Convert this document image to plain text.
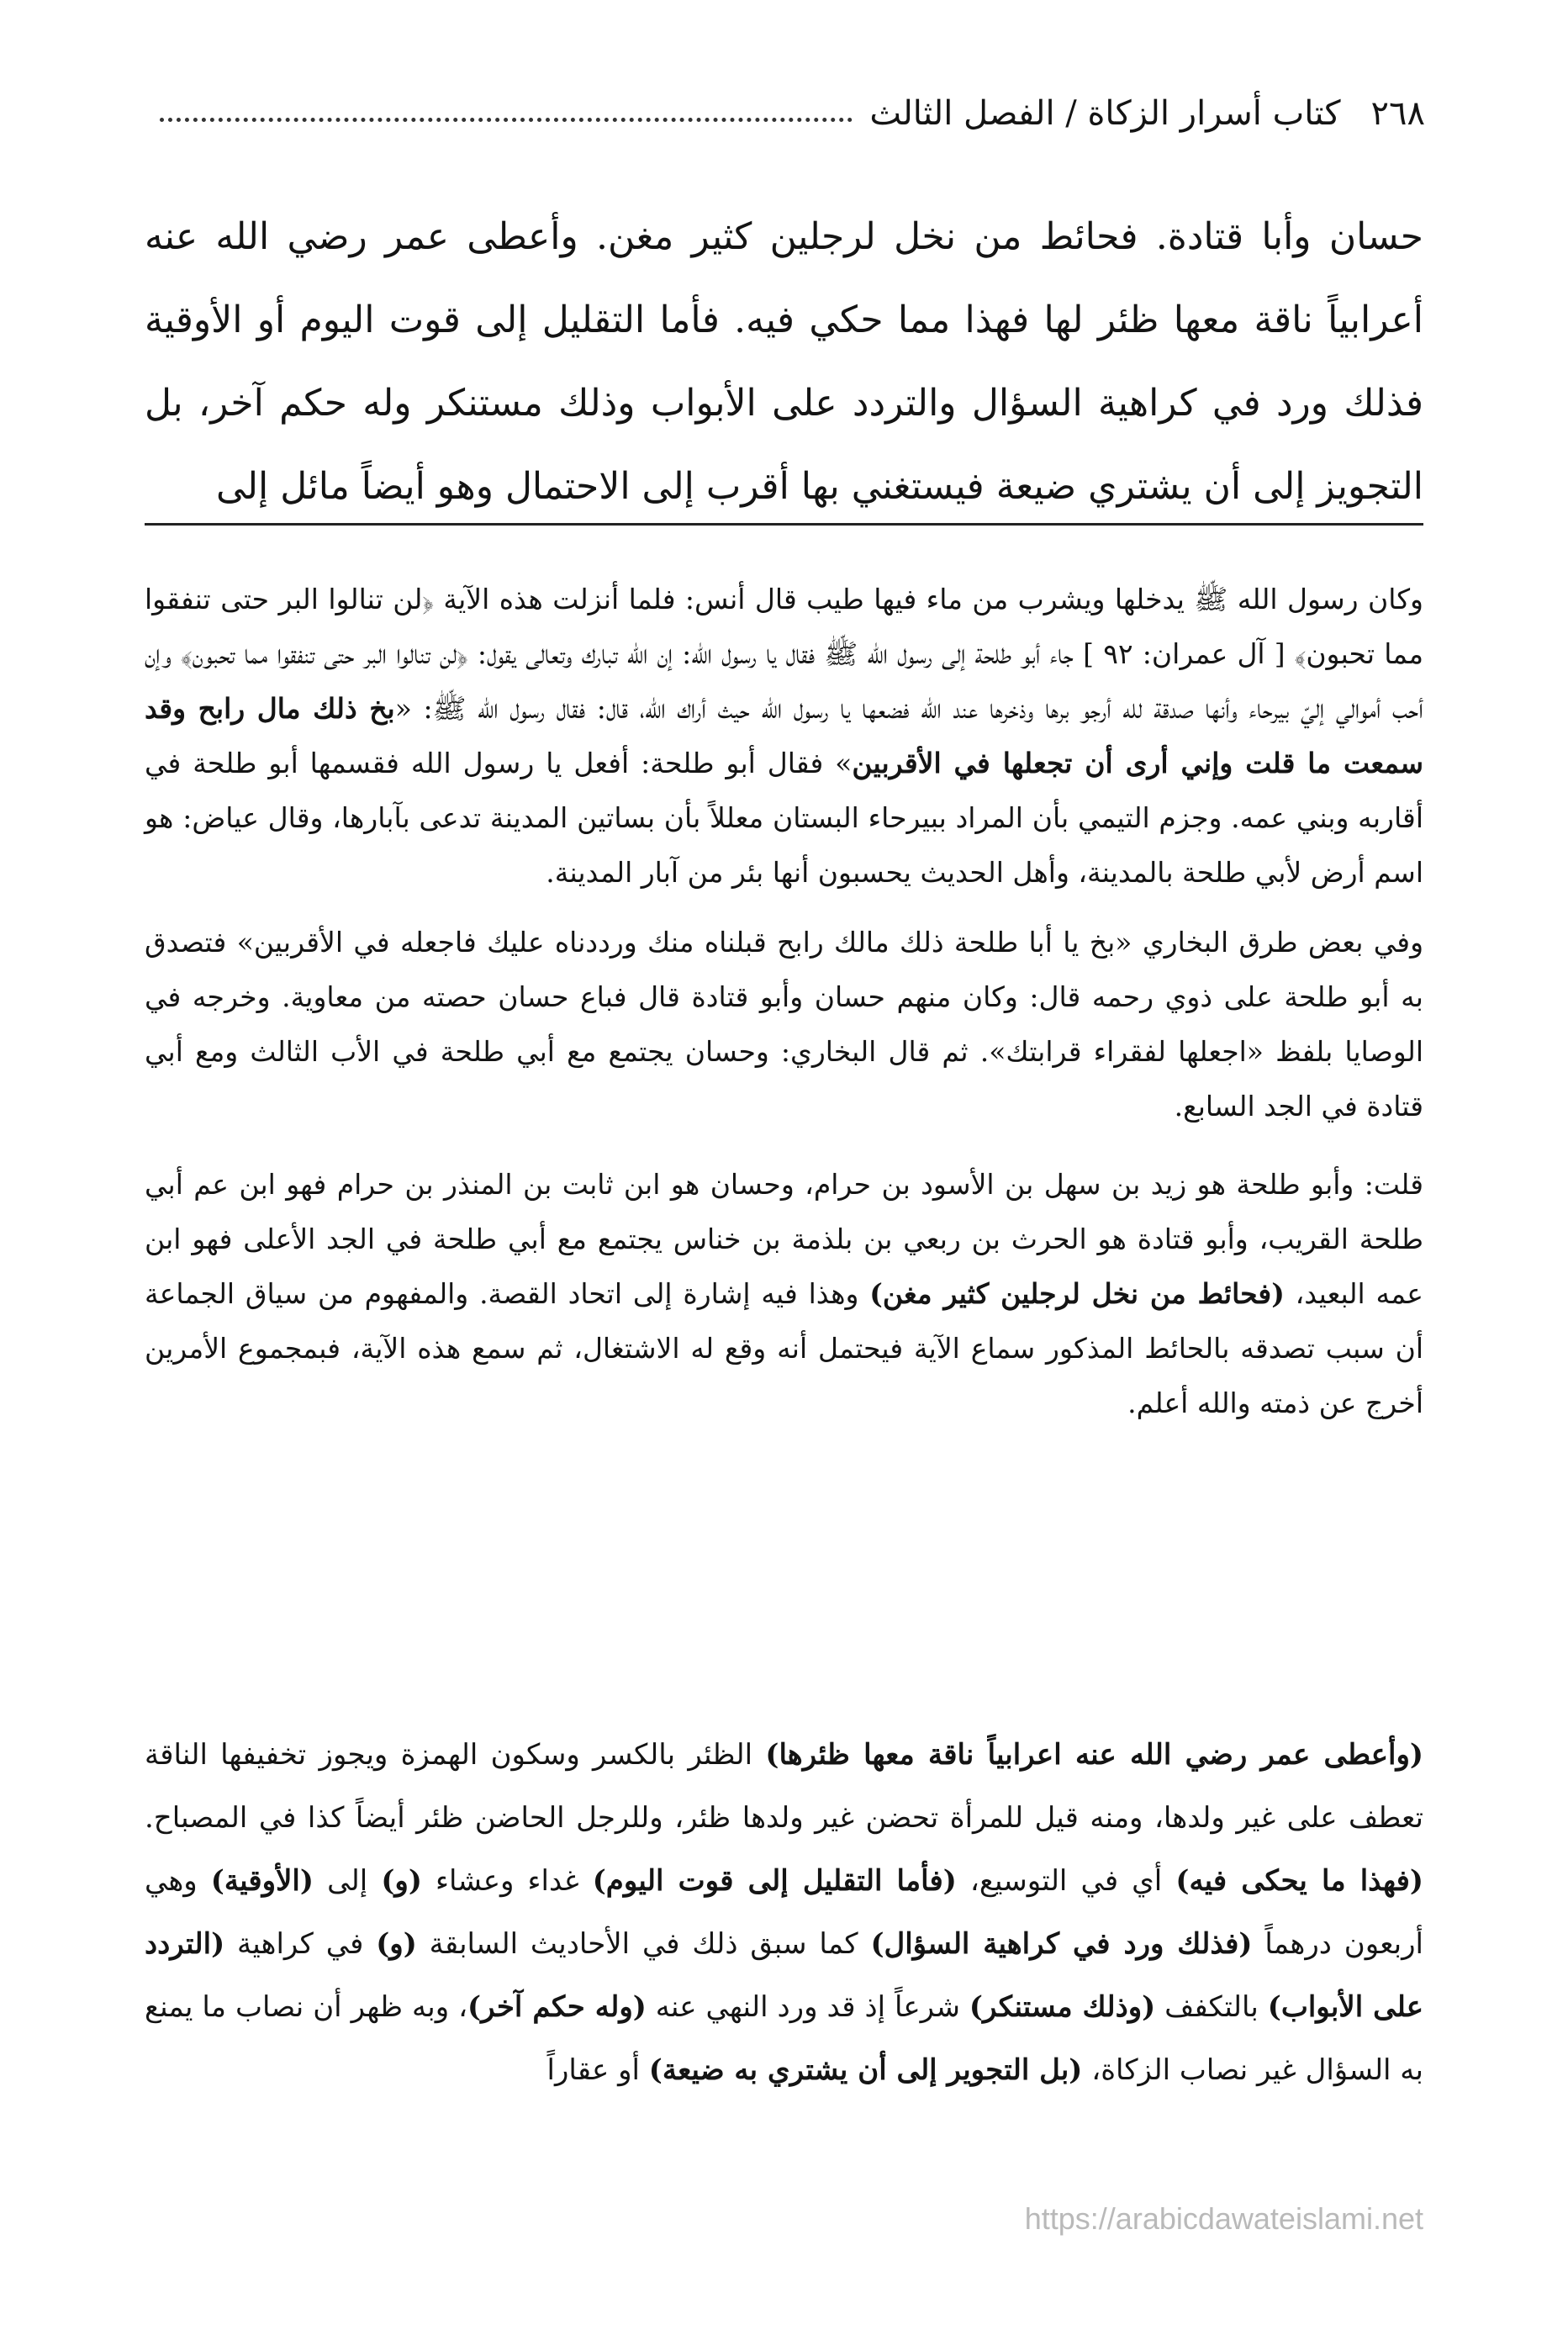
٢٦٨
كتاب أسرار الزكاة / الفصل الثالث

حسان وأبا قتادة. فحائط من نخل لرجلين كثير مغن. وأعطى عمر رضي الله عنه أعرابياً ناقة معها ظئر لها فهذا مما حكي فيه. فأما التقليل إلى قوت اليوم أو الأوقية فذلك ورد في كراهية السؤال والتردد على الأبواب وذلك مستنكر وله حكم آخر، بل التجويز إلى أن يشتري ضيعة فيستغني بها أقرب إلى الاحتمال وهو أيضاً مائل إلى

وكان رسول الله ﷺ يدخلها ويشرب من ماء فيها طيب قال أنس: فلما أنزلت هذه الآية ﴿لن تنالوا البر حتى تنفقوا مما تحبون﴾ [ آل عمران: ٩٢ ] جاء أبو طلحة إلى رسول الله ﷺ فقال يا رسول الله: إن الله تبارك وتعالى يقول: ﴿لن تنالوا البر حتى تنفقوا مما تحبون﴾ وإن أحب أموالي إليّ بيرحاء وأنها صدقة لله أرجو برها وذخرها عند الله فضعها يا رسول الله حيث أراك الله، قال: فقال رسول الله ﷺ: «بخ ذلك مال رابح وقد سمعت ما قلت وإني أرى أن تجعلها في الأقربين» فقال أبو طلحة: أفعل يا رسول الله فقسمها أبو طلحة في أقاربه وبني عمه. وجزم التيمي بأن المراد ببيرحاء البستان معللاً بأن بساتين المدينة تدعى بآبارها، وقال عياض: هو اسم أرض لأبي طلحة بالمدينة، وأهل الحديث يحسبون أنها بئر من آبار المدينة.

وفي بعض طرق البخاري «بخ يا أبا طلحة ذلك مالك رابح قبلناه منك ورددناه عليك فاجعله في الأقربين» فتصدق به أبو طلحة على ذوي رحمه قال: وكان منهم حسان وأبو قتادة قال فباع حسان حصته من معاوية. وخرجه في الوصايا بلفظ «اجعلها لفقراء قرابتك». ثم قال البخاري: وحسان يجتمع مع أبي طلحة في الأب الثالث ومع أبي قتادة في الجد السابع.

قلت: وأبو طلحة هو زيد بن سهل بن الأسود بن حرام، وحسان هو ابن ثابت بن المنذر بن حرام فهو ابن عم أبي طلحة القريب، وأبو قتادة هو الحرث بن ربعي بن بلذمة بن خناس يجتمع مع أبي طلحة في الجد الأعلى فهو ابن عمه البعيد، (فحائط من نخل لرجلين كثير مغن) وهذا فيه إشارة إلى اتحاد القصة. والمفهوم من سياق الجماعة أن سبب تصدقه بالحائط المذكور سماع الآية فيحتمل أنه وقع له الاشتغال، ثم سمع هذه الآية، فبمجموع الأمرين أخرج عن ذمته والله أعلم.

(وأعطى عمر رضي الله عنه اعرابياً ناقة معها ظئرها) الظئر بالكسر وسكون الهمزة ويجوز تخفيفها الناقة تعطف على غير ولدها، ومنه قيل للمرأة تحضن غير ولدها ظئر، وللرجل الحاضن ظئر أيضاً كذا في المصباح. (فهذا ما يحكى فيه) أي في التوسيع، (فأما التقليل إلى قوت اليوم) غداء وعشاء (و) إلى (الأوقية) وهي أربعون درهماً (فذلك ورد في كراهية السؤال) كما سبق ذلك في الأحاديث السابقة (و) في كراهية (التردد على الأبواب) بالتكفف (وذلك مستنكر) شرعاً إذ قد ورد النهي عنه (وله حكم آخر)، وبه ظهر أن نصاب ما يمنع به السؤال غير نصاب الزكاة، (بل التجوير إلى أن يشتري به ضيعة) أو عقاراً

https://arabicdawateislami.net
